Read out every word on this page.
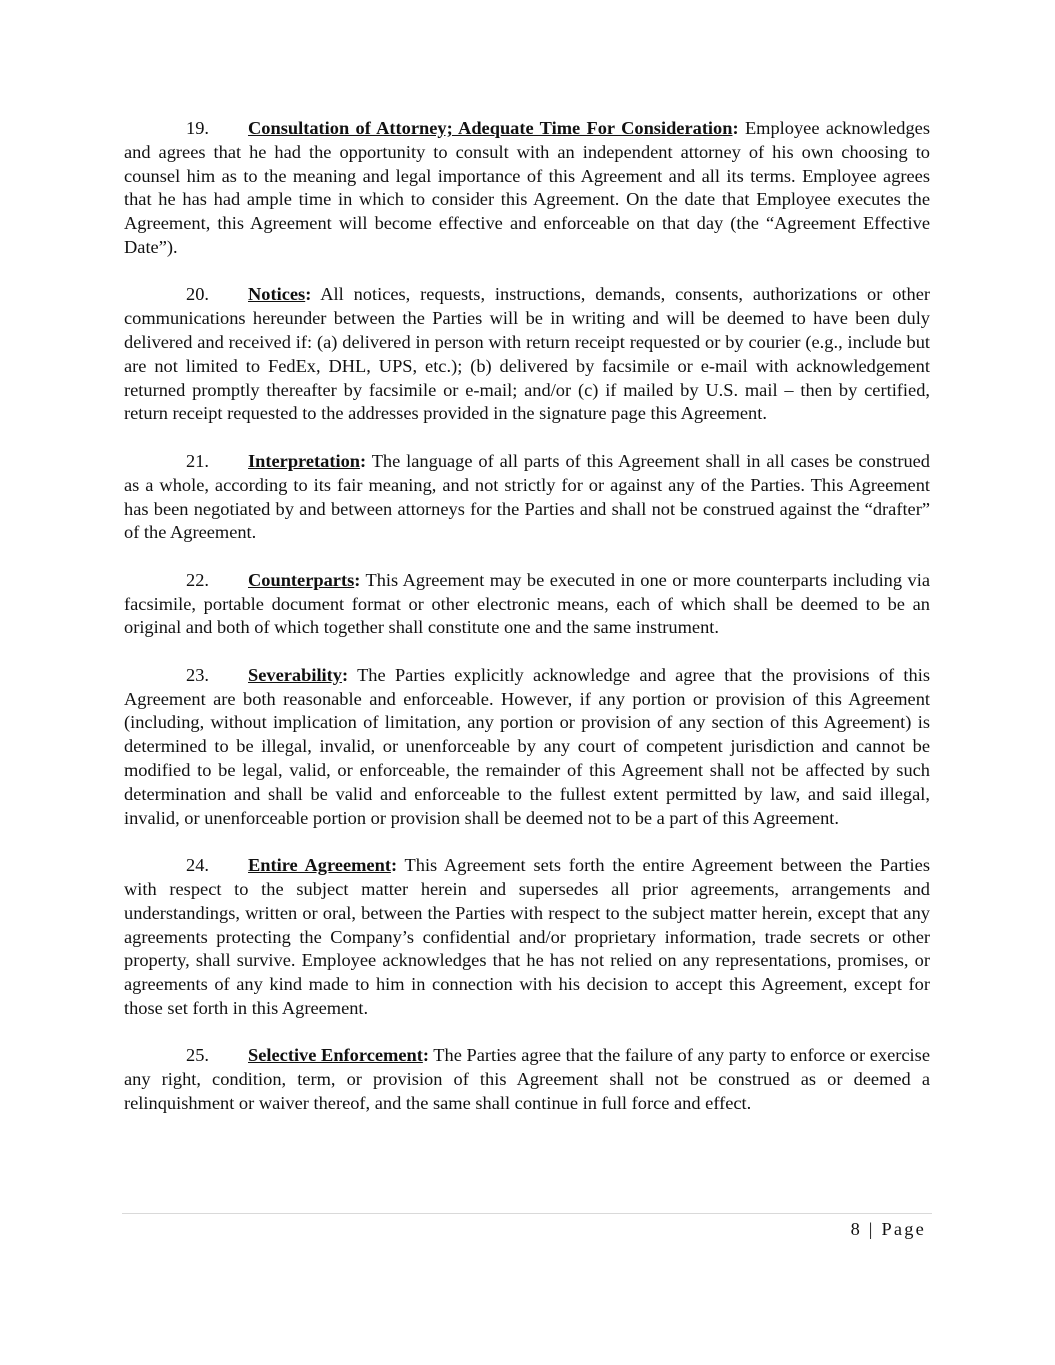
19. Consultation of Attorney; Adequate Time For Consideration: Employee acknowledges and agrees that he had the opportunity to consult with an independent attorney of his own choosing to counsel him as to the meaning and legal importance of this Agreement and all its terms. Employee agrees that he has had ample time in which to consider this Agreement. On the date that Employee executes the Agreement, this Agreement will become effective and enforceable on that day (the “Agreement Effective Date”).

20. Notices: All notices, requests, instructions, demands, consents, authorizations or other communications hereunder between the Parties will be in writing and will be deemed to have been duly delivered and received if: (a) delivered in person with return receipt requested or by courier (e.g., include but are not limited to FedEx, DHL, UPS, etc.); (b) delivered by facsimile or e-mail with acknowledgement returned promptly thereafter by facsimile or e-mail; and/or (c) if mailed by U.S. mail – then by certified, return receipt requested to the addresses provided in the signature page this Agreement.

21. Interpretation: The language of all parts of this Agreement shall in all cases be construed as a whole, according to its fair meaning, and not strictly for or against any of the Parties. This Agreement has been negotiated by and between attorneys for the Parties and shall not be construed against the “drafter” of the Agreement.

22. Counterparts: This Agreement may be executed in one or more counterparts including via facsimile, portable document format or other electronic means, each of which shall be deemed to be an original and both of which together shall constitute one and the same instrument.

23. Severability: The Parties explicitly acknowledge and agree that the provisions of this Agreement are both reasonable and enforceable. However, if any portion or provision of this Agreement (including, without implication of limitation, any portion or provision of any section of this Agreement) is determined to be illegal, invalid, or unenforceable by any court of competent jurisdiction and cannot be modified to be legal, valid, or enforceable, the remainder of this Agreement shall not be affected by such determination and shall be valid and enforceable to the fullest extent permitted by law, and said illegal, invalid, or unenforceable portion or provision shall be deemed not to be a part of this Agreement.

24. Entire Agreement: This Agreement sets forth the entire Agreement between the Parties with respect to the subject matter herein and supersedes all prior agreements, arrangements and understandings, written or oral, between the Parties with respect to the subject matter herein, except that any agreements protecting the Company’s confidential and/or proprietary information, trade secrets or other property, shall survive. Employee acknowledges that he has not relied on any representations, promises, or agreements of any kind made to him in connection with his decision to accept this Agreement, except for those set forth in this Agreement.

25. Selective Enforcement: The Parties agree that the failure of any party to enforce or exercise any right, condition, term, or provision of this Agreement shall not be construed as or deemed a relinquishment or waiver thereof, and the same shall continue in full force and effect.

8 | Page
